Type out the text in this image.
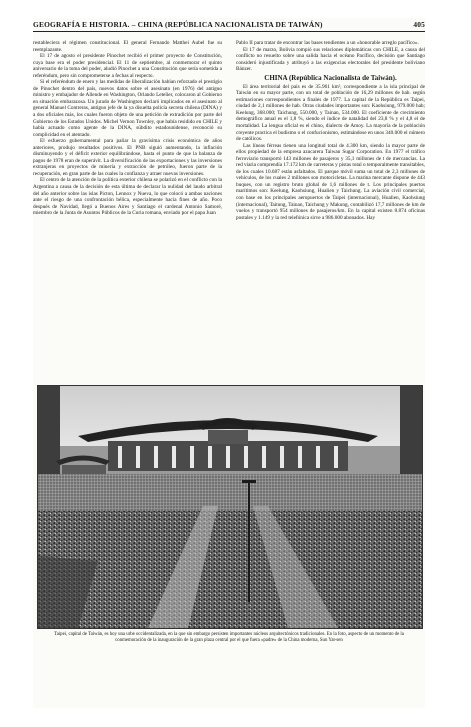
GEOGRAFÍA E HISTORIA. – CHINA (REPÚBLICA NACIONALISTA DE TAIWÁN)	405

restableciera el régimen constitucional. El general Fernando Matthei Aubel fue su reemplazante.

El 17 de agosto el presidente Pinochet recibió el primer proyecto de Constitución, cuya base era el poder presidencial. El 11 de septiembre, al conmemorar el quinto aniversario de la toma del poder, aludió Pinochet a una Constitución que sería sometida a referéndum, pero sin comprometerse a fechas al respecto.

Si el referéndum de enero y las medidas de liberalización habían reforzado el prestigio de Pinochet dentro del país, nuevos datos sobre el asesinato (en 1976) del antiguo ministro y embajador de Allende en Washington, Orlando Letelier, colocaron al Gobierno en situación embarazosa. Un jurado de Washington declaró implicados en el asesinato al general Manuel Contreras, antiguo jefe de la ya disuelta policía secreta chilena (DINA) y a dos oficiales más, los cuales fueron objeto de una petición de extradición por parte del Gobierno de los Estados Unidos. Michel Vernon Townley, que había residido en CHILE y había actuado como agente de la DINA, súbdito estadounidense, reconoció su complicidad en el atentado.

El esfuerzo gubernamental para paliar la gravísima crisis económica de años anteriores, produjo resultados positivos. El PNB siguió aumentando, la inflación disminuyendo y el déficit exterior equilibrándose, hasta el punto de que la balanza de pagos de 1978 eran de superávit. La diversificación de las exportaciones y las inversiones extranjeras en proyectos de minería y extracción de petróleo, fueron parte de la recuperación, en gran parte de las cuales la confianza y atraer nuevas inversiones.

El centro de la atención de la política exterior chilena se polarizó en el conflicto con la Argentina a causa de la decisión de esta última de declarar la nulidad del laudo arbitral del año anterior sobre las islas Picton, Lennox y Nueva, lo que colocó a ambas naciones ante el riesgo de una confrontación bélica, especialmente hacia fines de año. Poco después de Navidad, llegó a Buenos Aires y Santiago el cardenal Antonio Samoré, miembro de la Junta de Asuntos Públicos de la Curia romana, enviado por el papa Juan

Pablo II para tratar de encontrar las bases tendientes a un «honorable arreglo pacífico».

El 17 de marzo, Bolivia rompió sus relaciones diplomáticas con CHILE, a causa del conflicto no resuelto sobre una salida hacia el océano Pacífico, decisión que Santiago consideró injustificada y atribuyó a las exigencias electorales del presidente boliviano Bánzer.

CHINA (República Nacionalista de Taiwán).

El área territorial del país es de 35.961 km², correspondiente a la isla principal de Taiwán en su mayor parte, con un total de población de 16,29 millones de hab. según estimaciones correspondientes a finales de 1977. La capital de la República es Taipei, ciudad de 2,1 millones de hab. Otras ciudades importantes son: Kaohsiung, 979.000 hab; Keelung, 368.000; Taichung, 550.000, y Tainan, 534.000. El coeficiente de crecimiento demográfico anual es el 1,8 %, siendo el índice de natalidad del 23,8 % y el 4,8 el de mortalidad. La lengua oficial es el chino, dialecto de Amoy. La mayoría de la población creyente practica el budismo o el confucionismo, estimándose en unos 340.000 el número de católicos.

Las líneas férreas tienen una longitud total de 4.300 km, siendo la mayor parte de ellos propiedad de la empresa azucarera Taiwan Sugar Corporation. En 1977 el tráfico ferroviario transportó 143 millones de pasajeros y 35,1 millones de t de mercancías. La red viaria comprendía 17.172 km de carreteras y pistas total o temporalmente transitables, de los cuales 10.687 están asfaltados. El parque móvil suma un total de 2,3 millones de vehículos, de los cuales 2 millones son motocicletas. La marina mercante dispone de 443 buques, con un registro bruto global de 1,6 millones de t. Los principales puertos marítimos son: Keelung, Kaohsiung, Hualien y Taichung. La aviación civil comercial, con base en los principales aeropuertos de Taipei (internacional), Hualien, Kaohsiung (internacional), Taitung, Tainan, Taichung y Makung, contabilizó 17,7 millones de km de vuelos y transportó 954 millones de pasajeros/km. En la capital existen 8.874 oficinas postales y 1.149 y la red telefónica sirve a 986.000 abonados. Hay

Taipei, capital de Taiwán, es hoy una urbe occidentalizada, en la que sin embargo persisten importantes núcleos arquitectónicos tradicionales. En la foto, aspecto de un momento de la conmemoración de la inauguración de la gran plaza central por el que fuera «padre» de la China moderna, Sun Yat-sen
